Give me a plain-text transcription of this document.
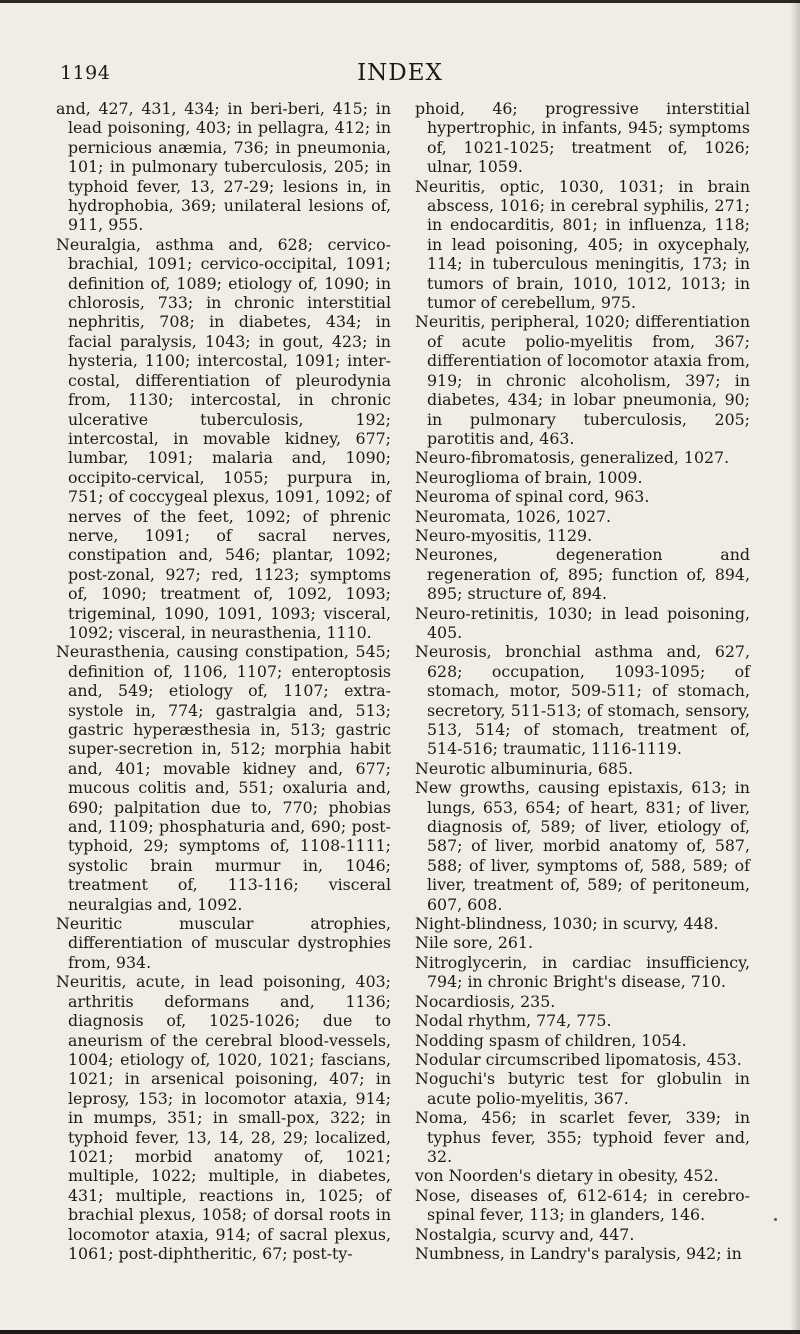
1194	INDEX

and, 427, 431, 434; in beri-beri, 415; in lead poisoning, 403; in pellagra, 412; in pernicious anæmia, 736; in pneumonia, 101; in pulmonary tuberculosis, 205; in typhoid fever, 13, 27-29; lesions in, in hydrophobia, 369; unilateral lesions of, 911, 955.

Neuralgia, asthma and, 628; cervico-brachial, 1091; cervico-occipital, 1091; definition of, 1089; etiology of, 1090; in chlorosis, 733; in chronic interstitial nephritis, 708; in diabetes, 434; in facial paralysis, 1043; in gout, 423; in hysteria, 1100; intercostal, 1091; inter-costal, differentiation of pleurodynia from, 1130; intercostal, in chronic ulcerative tuberculosis, 192; intercostal, in movable kidney, 677; lumbar, 1091; malaria and, 1090; occipito-cervical, 1055; purpura in, 751; of coccygeal plexus, 1091, 1092; of nerves of the feet, 1092; of phrenic nerve, 1091; of sacral nerves, constipation and, 546; plantar, 1092; post-zonal, 927; red, 1123; symptoms of, 1090; treatment of, 1092, 1093; trigeminal, 1090, 1091, 1093; visceral, 1092; visceral, in neurasthenia, 1110.

Neurasthenia, causing constipation, 545; definition of, 1106, 1107; enteroptosis and, 549; etiology of, 1107; extra-systole in, 774; gastralgia and, 513; gastric hyperæsthesia in, 513; gastric super-secretion in, 512; morphia habit and, 401; movable kidney and, 677; mucous colitis and, 551; oxaluria and, 690; palpitation due to, 770; phobias and, 1109; phosphaturia and, 690; post-typhoid, 29; symptoms of, 1108-1111; systolic brain murmur in, 1046; treatment of, 113-116; visceral neuralgias and, 1092.

Neuritic muscular atrophies, differentiation of muscular dystrophies from, 934.

Neuritis, acute, in lead poisoning, 403; arthritis deformans and, 1136; diagnosis of, 1025-1026; due to aneurism of the cerebral blood-vessels, 1004; etiology of, 1020, 1021; fascians, 1021; in arsenical poisoning, 407; in leprosy, 153; in locomotor ataxia, 914; in mumps, 351; in small-pox, 322; in typhoid fever, 13, 14, 28, 29; localized, 1021; morbid anatomy of, 1021; multiple, 1022; multiple, in diabetes, 431; multiple, reactions in, 1025; of brachial plexus, 1058; of dorsal roots in locomotor ataxia, 914; of sacral plexus, 1061; post-diphtheritic, 67; post-ty-

phoid, 46; progressive interstitial hypertrophic, in infants, 945; symptoms of, 1021-1025; treatment of, 1026; ulnar, 1059.

Neuritis, optic, 1030, 1031; in brain abscess, 1016; in cerebral syphilis, 271; in endocarditis, 801; in influenza, 118; in lead poisoning, 405; in oxycephaly, 114; in tuberculous meningitis, 173; in tumors of brain, 1010, 1012, 1013; in tumor of cerebellum, 975.

Neuritis, peripheral, 1020; differentiation of acute polio-myelitis from, 367; differentiation of locomotor ataxia from, 919; in chronic alcoholism, 397; in diabetes, 434; in lobar pneumonia, 90; in pulmonary tuberculosis, 205; parotitis and, 463.

Neuro-fibromatosis, generalized, 1027.

Neuroglioma of brain, 1009.

Neuroma of spinal cord, 963.

Neuromata, 1026, 1027.

Neuro-myositis, 1129.

Neurones, degeneration and regeneration of, 895; function of, 894, 895; structure of, 894.

Neuro-retinitis, 1030; in lead poisoning, 405.

Neurosis, bronchial asthma and, 627, 628; occupation, 1093-1095; of stomach, motor, 509-511; of stomach, secretory, 511-513; of stomach, sensory, 513, 514; of stomach, treatment of, 514-516; traumatic, 1116-1119.

Neurotic albuminuria, 685.

New growths, causing epistaxis, 613; in lungs, 653, 654; of heart, 831; of liver, diagnosis of, 589; of liver, etiology of, 587; of liver, morbid anatomy of, 587, 588; of liver, symptoms of, 588, 589; of liver, treatment of, 589; of peritoneum, 607, 608.

Night-blindness, 1030; in scurvy, 448.

Nile sore, 261.

Nitroglycerin, in cardiac insufficiency, 794; in chronic Bright's disease, 710.

Nocardiosis, 235.

Nodal rhythm, 774, 775.

Nodding spasm of children, 1054.

Nodular circumscribed lipomatosis, 453.

Noguchi's butyric test for globulin in acute polio-myelitis, 367.

Noma, 456; in scarlet fever, 339; in typhus fever, 355; typhoid fever and, 32.

von Noorden's dietary in obesity, 452.

Nose, diseases of, 612-614; in cerebro-spinal fever, 113; in glanders, 146.

Nostalgia, scurvy and, 447.

Numbness, in Landry's paralysis, 942; in
